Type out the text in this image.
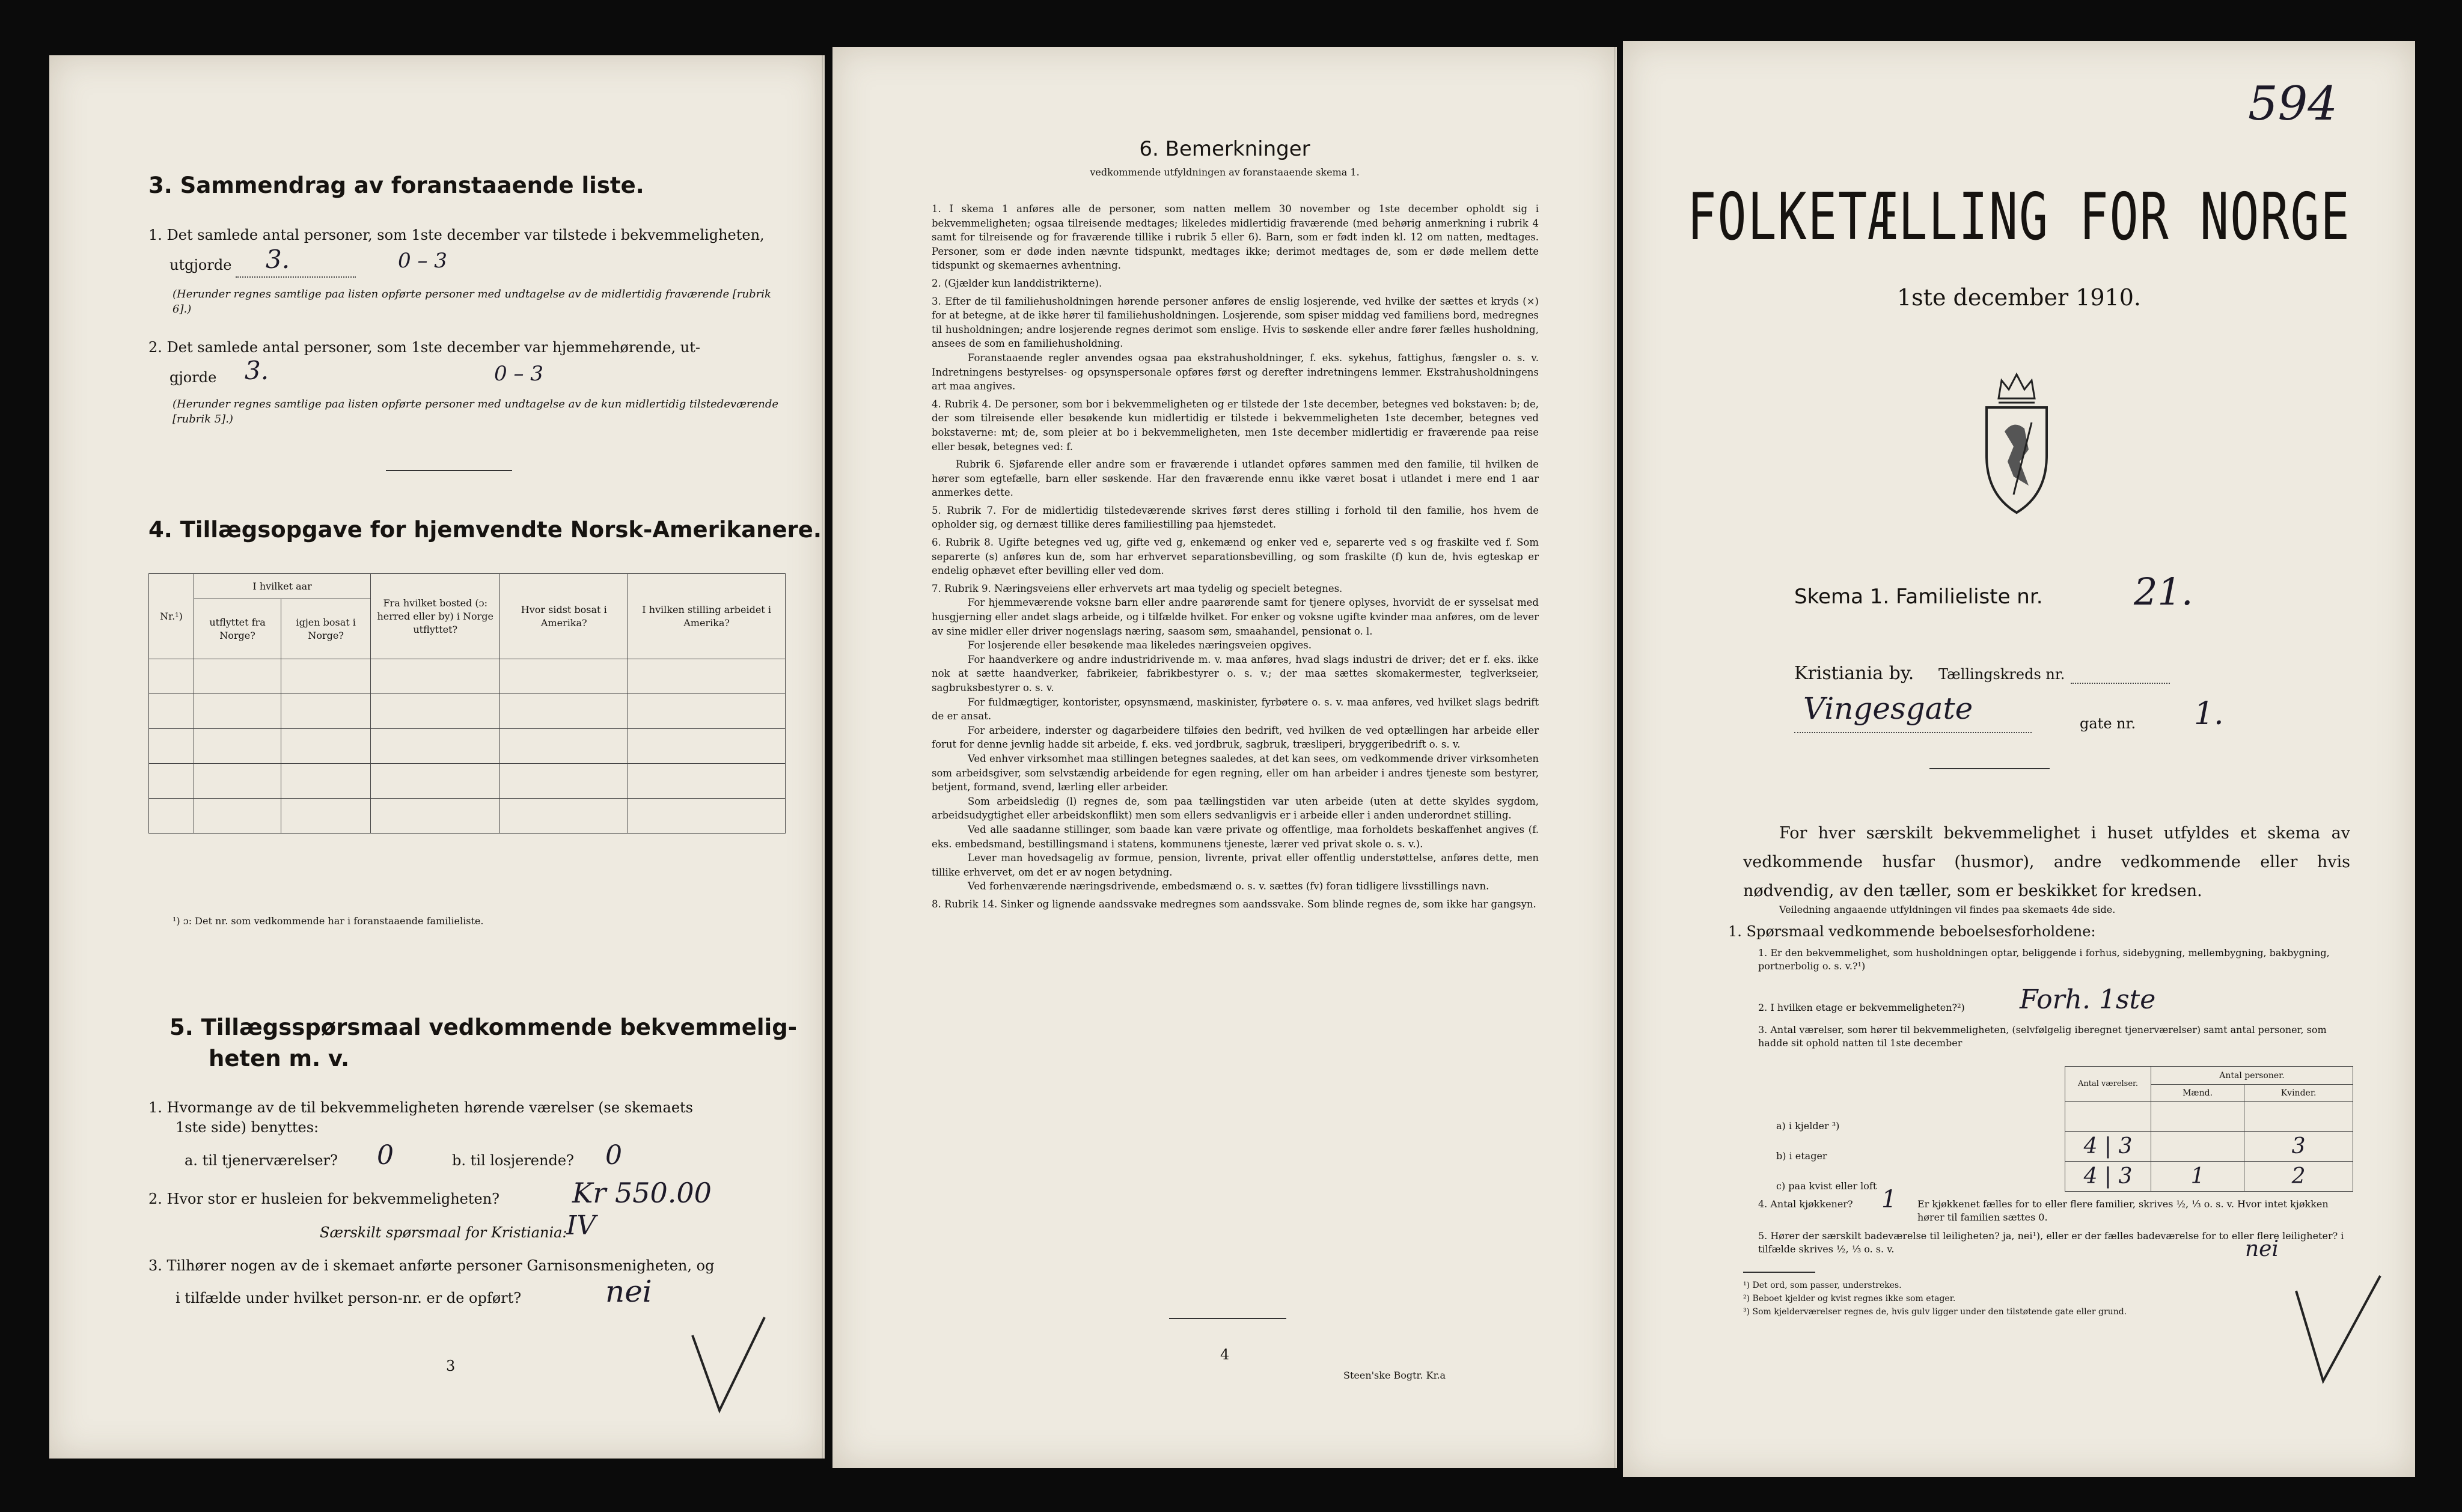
3. Sammendrag av foranstaaende liste.
1. Det samlede antal personer, som 1ste december var tilstede i bekvemmeligheten,
utgjorde 3.	0 – 3
(Herunder regnes samtlige paa listen opførte personer med undtagelse av de midlertidig fraværende [rubrik 6].)
2. Det samlede antal personer, som 1ste december var hjemmehørende, ut-
gjorde 3.	0 – 3
(Herunder regnes samtlige paa listen opførte personer med undtagelse av de kun midlertidig tilstedeværende [rubrik 5].)
4. Tillægsopgave for hjemvendte Norsk-Amerikanere.
Nr.¹)	I hvilket aar		Fra hvilket bosted (ɔ: herred eller by) i Norge utflyttet?	Hvor sidst bosat i Amerika?	I hvilken stilling arbeidet i Amerika?
	utflyttet fra Norge?	igjen bosat i Norge?			

¹) ɔ: Det nr. som vedkommende har i foranstaaende familieliste.
5. Tillægsspørsmaal vedkommende bekvemmelig-
heten m. v.
1. Hvormange av de til bekvemmeligheten hørende værelser (se skemaets
1ste side) benyttes:
a. til tjenerværelser? 0	b. til losjerende? 0
2. Hvor stor er husleien for bekvemmeligheten?	Kr 550.00
Særskilt spørsmaal for Kristiania:
IV
3. Tilhører nogen av de i skemaet anførte personer Garnisonsmenigheten, og
i tilfælde under hvilket person-nr. er de opført?	nei
3
6. Bemerkninger
vedkommende utfyldningen av foranstaaende skema 1.

1. I skema 1 anføres alle de personer, som natten mellem 30 november og 1ste december opholdt sig i bekvemmeligheten; ogsaa tilreisende medtages; likeledes midlertidig fraværende (med behørig anmerkning i rubrik 4 samt for tilreisende og for fraværende tillike i rubrik 5 eller 6). Barn, som er født inden kl. 12 om natten, medtages. Personer, som er døde inden nævnte tidspunkt, medtages ikke; derimot medtages de, som er døde mellem dette tidspunkt og skemaernes avhentning.

2. (Gjælder kun landdistrikterne).

3. Efter de til familiehusholdningen hørende personer anføres de enslig losjerende, ved hvilke der sættes et kryds (×) for at betegne, at de ikke hører til familiehusholdningen. Losjerende, som spiser middag ved familiens bord, medregnes til husholdningen; andre losjerende regnes derimot som enslige. Hvis to søskende eller andre fører fælles husholdning, ansees de som en familiehusholdning.

Foranstaaende regler anvendes ogsaa paa ekstrahusholdninger, f. eks. sykehus, fattighus, fængsler o. s. v. Indretningens bestyrelses- og opsynspersonale opføres først og derefter indretningens lemmer. Ekstrahusholdningens art maa angives.

4. Rubrik 4. De personer, som bor i bekvemmeligheten og er tilstede der 1ste december, betegnes ved bokstaven: b; de, der som tilreisende eller besøkende kun midlertidig er tilstede i bekvemmeligheten 1ste december, betegnes ved bokstaverne: mt; de, som pleier at bo i bekvemmeligheten, men 1ste december midlertidig er fraværende paa reise eller besøk, betegnes ved: f.

Rubrik 6. Sjøfarende eller andre som er fraværende i utlandet opføres sammen med den familie, til hvilken de hører som egtefælle, barn eller søskende. Har den fraværende ennu ikke været bosat i utlandet i mere end 1 aar anmerkes dette.

5. Rubrik 7. For de midlertidig tilstedeværende skrives først deres stilling i forhold til den familie, hos hvem de opholder sig, og dernæst tillike deres familiestilling paa hjemstedet.

6. Rubrik 8. Ugifte betegnes ved ug, gifte ved g, enkemænd og enker ved e, separerte ved s og fraskilte ved f. Som separerte (s) anføres kun de, som har erhvervet separationsbevilling, og som fraskilte (f) kun de, hvis egteskap er endelig ophævet efter bevilling eller ved dom.

7. Rubrik 9. Næringsveiens eller erhvervets art maa tydelig og specielt betegnes.

For hjemmeværende voksne barn eller andre paarørende samt for tjenere oplyses, hvorvidt de er sysselsat med husgjerning eller andet slags arbeide, og i tilfælde hvilket. For enker og voksne ugifte kvinder maa anføres, om de lever av sine midler eller driver nogenslags næring, saasom søm, smaahandel, pensionat o. l.

For losjerende eller besøkende maa likeledes næringsveien opgives.

For haandverkere og andre industridrivende m. v. maa anføres, hvad slags industri de driver; det er f. eks. ikke nok at sætte haandverker, fabrikeier, fabrikbestyrer o. s. v.; der maa sættes skomakermester, teglverkseier, sagbruksbestyrer o. s. v.

For fuldmægtiger, kontorister, opsynsmænd, maskinister, fyrbøtere o. s. v. maa anføres, ved hvilket slags bedrift de er ansat.

For arbeidere, inderster og dagarbeidere tilføies den bedrift, ved hvilken de ved optællingen har arbeide eller forut for denne jevnlig hadde sit arbeide, f. eks. ved jordbruk, sagbruk, træsliperi, bryggeribedrift o. s. v.

Ved enhver virksomhet maa stillingen betegnes saaledes, at det kan sees, om vedkommende driver virksomheten som arbeidsgiver, som selvstændig arbeidende for egen regning, eller om han arbeider i andres tjeneste som bestyrer, betjent, formand, svend, lærling eller arbeider.

Som arbeidsledig (l) regnes de, som paa tællingstiden var uten arbeide (uten at dette skyldes sygdom, arbeidsudygtighet eller arbeidskonflikt) men som ellers sedvanligvis er i arbeide eller i anden underordnet stilling.

Ved alle saadanne stillinger, som baade kan være private og offentlige, maa forholdets beskaffenhet angives (f. eks. embedsmand, bestillingsmand i statens, kommunens tjeneste, lærer ved privat skole o. s. v.).

Lever man hovedsagelig av formue, pension, livrente, privat eller offentlig understøttelse, anføres dette, men tillike erhvervet, om det er av nogen betydning.

Ved forhenværende næringsdrivende, embedsmænd o. s. v. sættes (fv) foran tidligere livsstillings navn.

8. Rubrik 14. Sinker og lignende aandssvake medregnes som aandssvake. Som blinde regnes de, som ikke har gangsyn.

4
Steen'ske Bogtr. Kr.a
594
FOLKETÆLLING FOR NORGE
1ste december 1910.
Skema 1. Familieliste nr. 21.
Kristiania by. Tællingskreds nr.
Vingesgate	gate nr. 1.
For hver særskilt bekvemmelighet i huset utfyldes et skema av vedkommende husfar (husmor), andre vedkommende eller hvis nødvendig, av den tæller, som er beskikket for kredsen.
Veiledning angaaende utfyldningen vil findes paa skemaets 4de side.
1. Spørsmaal vedkommende beboelsesforholdene:
1. Er den bekvemmelighet, som husholdningen optar, beliggende i forhus, sidebygning, mellembygning, bakbygning, portnerbolig o. s. v.?¹)
2. I hvilken etage er bekvemmeligheten?²) Forh. 1ste
3. Antal værelser, som hører til bekvemmeligheten, (selvfølgelig iberegnet tjenerværelser) samt antal personer, som hadde sit ophold natten til 1ste december
Antal værelser.	Antal personer.	
	Mænd.	Kvinder.

4 | 3		3
4 | 3	1	2
a) i kjelder ³)
b) i etager
c) paa kvist eller loft
4. Antal kjøkkener? 1 Er kjøkkenet fælles for to eller flere familier, skrives ½, ⅓ o. s. v. Hvor intet kjøkken hører til familien sættes 0.
5. Hører der særskilt badeværelse til leiligheten? ja, nei¹), eller er der fælles badeværelse for to eller flere leiligheter? i tilfælde skrives ½, ⅓ o. s. v.	nei
¹) Det ord, som passer, understrekes.
²) Beboet kjelder og kvist regnes ikke som etager.
³) Som kjelderværelser regnes de, hvis gulv ligger under den tilstøtende gate eller grund.
